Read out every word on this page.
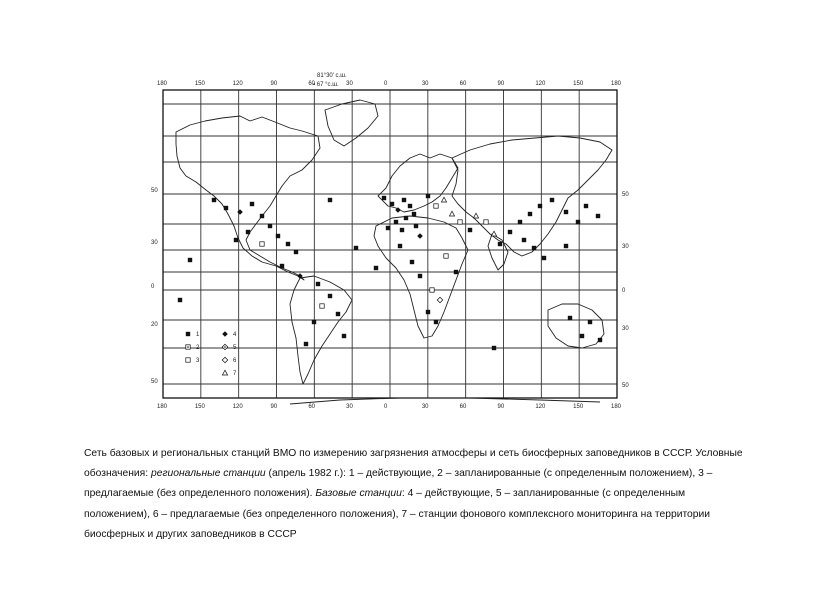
81°30' с.ш.
▪ 67 °с.ш.
180	150	120	90	60	30	0	30	60	90	120	150	180
180	150	120	90	60	30	0	30	60	90	120	150	180
50
30
0
20
50
50
30
0
30
50
1	4
2	5
3	6
7
Сеть базовых и региональных станций ВМО по измерению загрязнения атмосферы и сеть биосферных заповедников в СССР. Условные обозначения: региональные станции (апрель 1982 г.): 1 – действующие, 2 – запланированные (с определенным положением), 3 – предлагаемые (без определенного положения). Базовые станции: 4 – действующие, 5 – запланированные (с определенным положением), 6 – предлагаемые (без определенного положения), 7 – станции фонового комплексного мониторинга на территории биосферных и других заповедников в СССР
